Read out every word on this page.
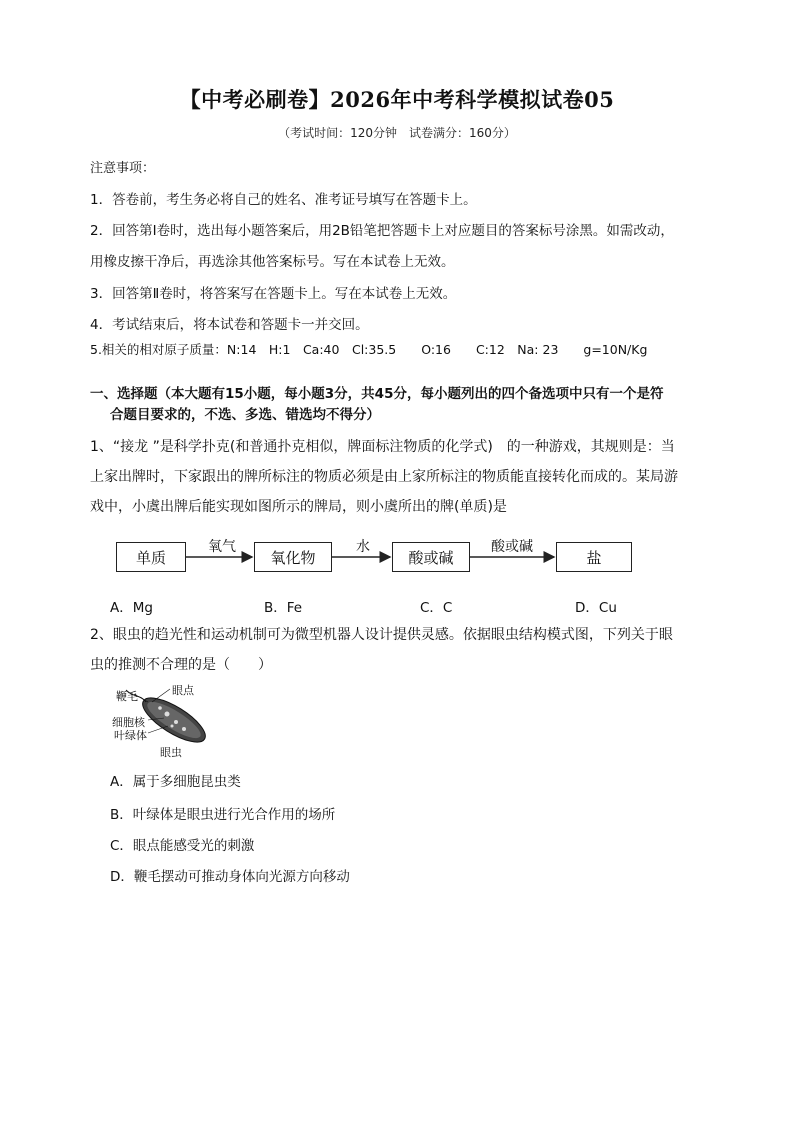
【中考必刷卷】2026年中考科学模拟试卷05
（考试时间：120分钟　试卷满分：160分）
注意事项：
1．答卷前，考生务必将自己的姓名、准考证号填写在答题卡上。
2．回答第Ⅰ卷时，选出每小题答案后，用2B铅笔把答题卡上对应题目的答案标号涂黑。如需改动，
用橡皮擦干净后，再选涂其他答案标号。写在本试卷上无效。
3．回答第Ⅱ卷时，将答案写在答题卡上。写在本试卷上无效。
4．考试结束后，将本试卷和答题卡一并交回。
5.相关的相对原子质量：N:14　H:1　Ca:40　Cl:35.5　　O:16　　C:12　Na: 23　　g=10N/Kg
一、选择题（本大题有15小题，每小题3分，共45分，每小题列出的四个备选项中只有一个是符
合题目要求的，不选、多选、错选均不得分）
1、“接龙 ”是科学扑克(和普通扑克相似，牌面标注物质的化学式)　的一种游戏，其规则是：当
上家出牌时，下家跟出的牌所标注的物质必须是由上家所标注的物质能直接转化而成的。某局游
戏中，小虞出牌后能实现如图所示的牌局，则小虞所出的牌(单质)是
单质	氧化物	酸或碱	盐
氧气	水	酸或碱
A．Mg	B．Fe	C．C	D．Cu
2、眼虫的趋光性和运动机制可为微型机器人设计提供灵感。依据眼虫结构模式图，下列关于眼
虫的推测不合理的是（　　）
鞭毛	眼点
细胞核
叶绿体
眼虫
A．属于多细胞昆虫类
B．叶绿体是眼虫进行光合作用的场所
C．眼点能感受光的刺激
D．鞭毛摆动可推动身体向光源方向移动
